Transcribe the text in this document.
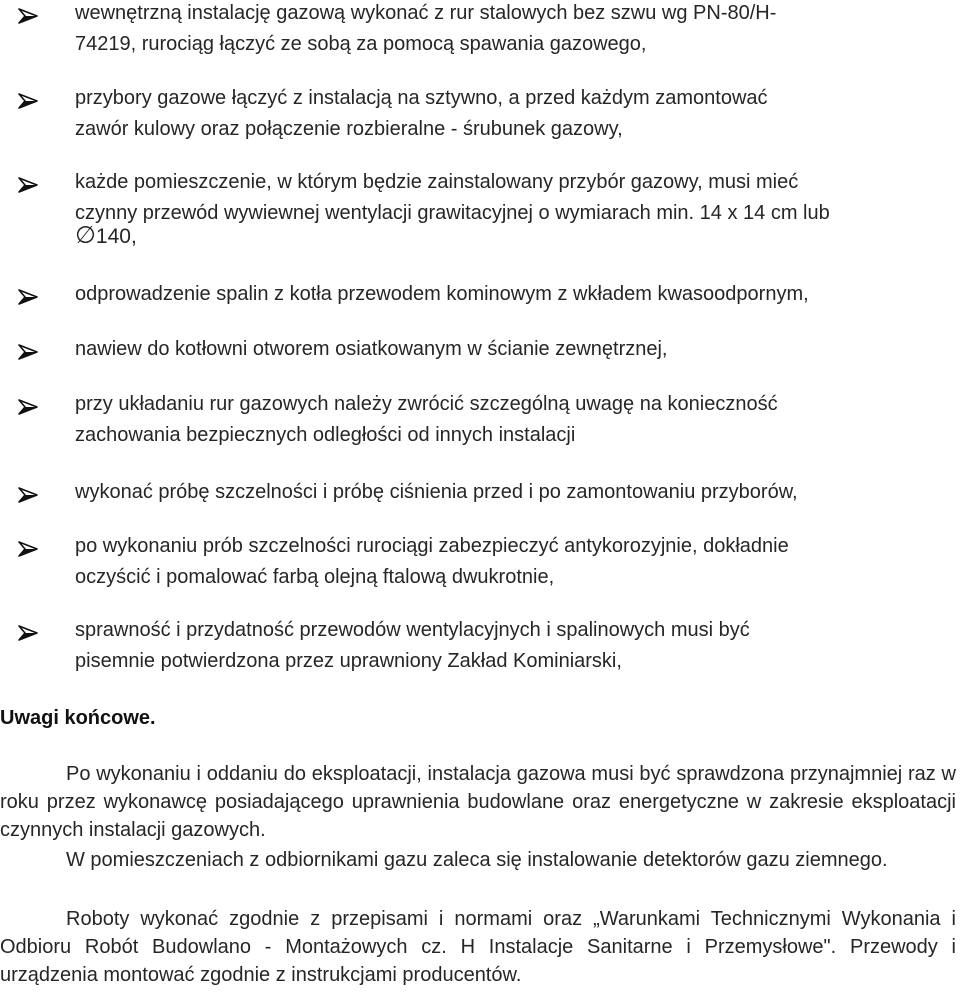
wewnętrzną instalację gazową wykonać z rur stalowych bez szwu wg PN-80/H-
74219, rurociąg łączyć ze sobą za pomocą spawania gazowego,
przybory gazowe łączyć z instalacją na sztywno, a przed każdym zamontować
zawór kulowy oraz połączenie rozbieralne - śrubunek gazowy,
każde pomieszczenie, w którym będzie zainstalowany przybór gazowy, musi mieć
czynny przewód wywiewnej wentylacji grawitacyjnej o wymiarach min. 14 x 14 cm lub
∅140,
odprowadzenie spalin z kotła przewodem kominowym z wkładem kwasoodpornym,
nawiew do kotłowni otworem osiatkowanym w ścianie zewnętrznej,
przy układaniu rur gazowych należy zwrócić szczególną uwagę na konieczność
zachowania bezpiecznych odległości od innych instalacji
wykonać próbę szczelności i próbę ciśnienia przed i po zamontowaniu przyborów,
po wykonaniu prób szczelności rurociągi zabezpieczyć antykorozyjnie, dokładnie
oczyścić i pomalować farbą olejną ftalową dwukrotnie,
sprawność i przydatność przewodów wentylacyjnych i spalinowych musi być
pisemnie potwierdzona przez uprawniony Zakład Kominiarski,
Uwagi końcowe.

Po wykonaniu i oddaniu do eksploatacji, instalacja gazowa musi być sprawdzona przynajmniej raz w roku przez wykonawcę posiadającego uprawnienia budowlane oraz energetyczne w zakresie eksploatacji czynnych instalacji gazowych.

W pomieszczeniach z odbiornikami gazu zaleca się instalowanie detektorów gazu ziemnego.

Roboty wykonać zgodnie z przepisami i normami oraz „Warunkami Technicznymi Wykonania i Odbioru Robót Budowlano - Montażowych cz. H Instalacje Sanitarne i Przemysłowe". Przewody i urządzenia montować zgodnie z instrukcjami producentów.
